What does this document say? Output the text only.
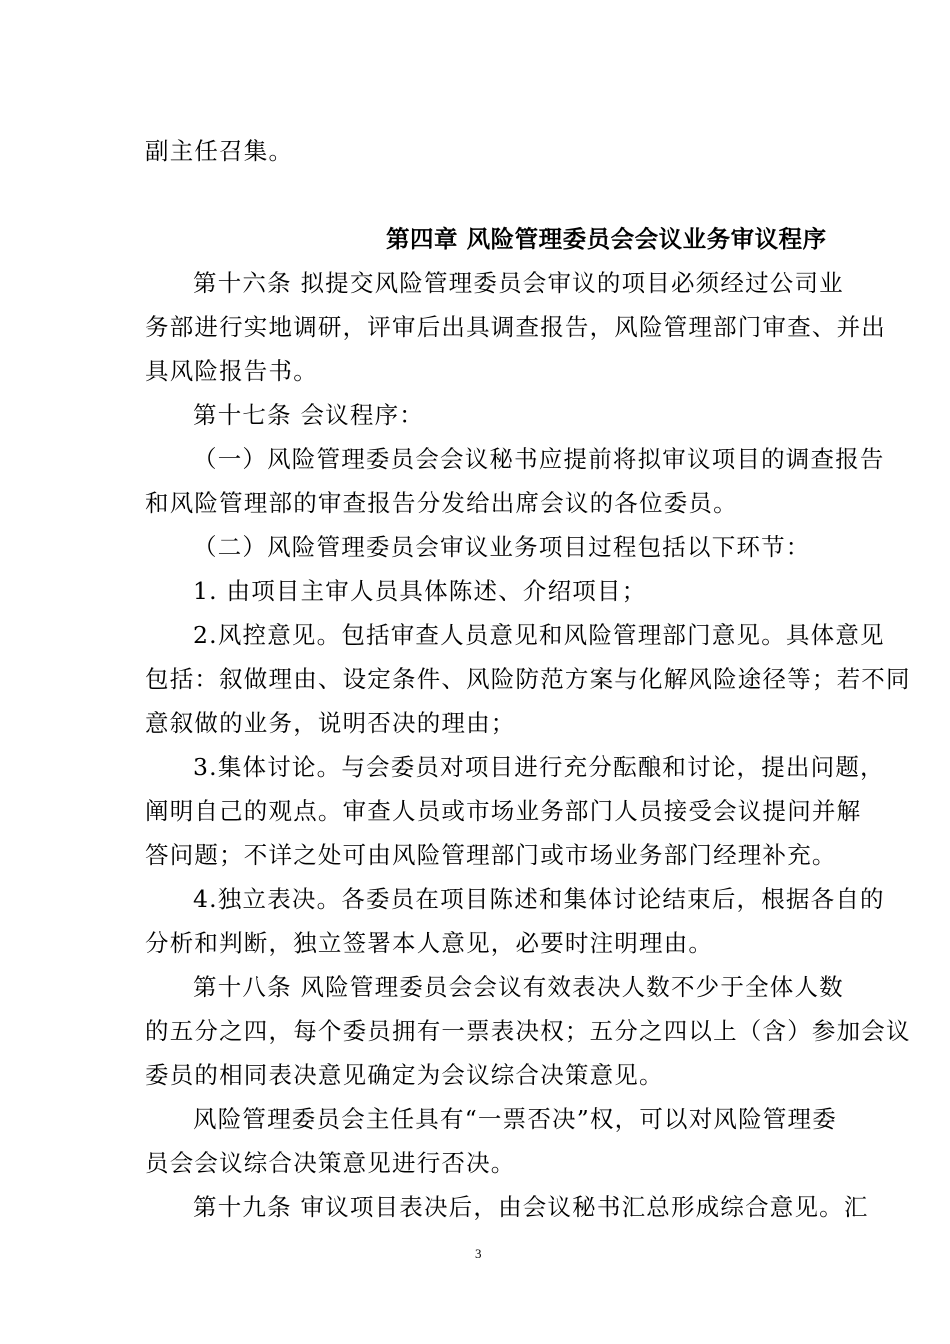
副主任召集。
第四章 风险管理委员会会议业务审议程序
第十六条 拟提交风险管理委员会审议的项目必须经过公司业
务部进行实地调研，评审后出具调查报告，风险管理部门审查、并出
具风险报告书。
第十七条 会议程序：
（一）风险管理委员会会议秘书应提前将拟审议项目的调查报告
和风险管理部的审查报告分发给出席会议的各位委员。
（二）风险管理委员会审议业务项目过程包括以下环节：
1. 由项目主审人员具体陈述、介绍项目；
2.风控意见。包括审查人员意见和风险管理部门意见。具体意见
包括：叙做理由、设定条件、风险防范方案与化解风险途径等；若不同
意叙做的业务，说明否决的理由；
3.集体讨论。与会委员对项目进行充分酝酿和讨论，提出问题，
阐明自己的观点。审查人员或市场业务部门人员接受会议提问并解
答问题；不详之处可由风险管理部门或市场业务部门经理补充。
4.独立表决。各委员在项目陈述和集体讨论结束后，根据各自的
分析和判断，独立签署本人意见，必要时注明理由。
第十八条 风险管理委员会会议有效表决人数不少于全体人数
的五分之四，每个委员拥有一票表决权；五分之四以上（含）参加会议
委员的相同表决意见确定为会议综合决策意见。
风险管理委员会主任具有“一票否决”权，可以对风险管理委
员会会议综合决策意见进行否决。
第十九条 审议项目表决后，由会议秘书汇总形成综合意见。汇
3
